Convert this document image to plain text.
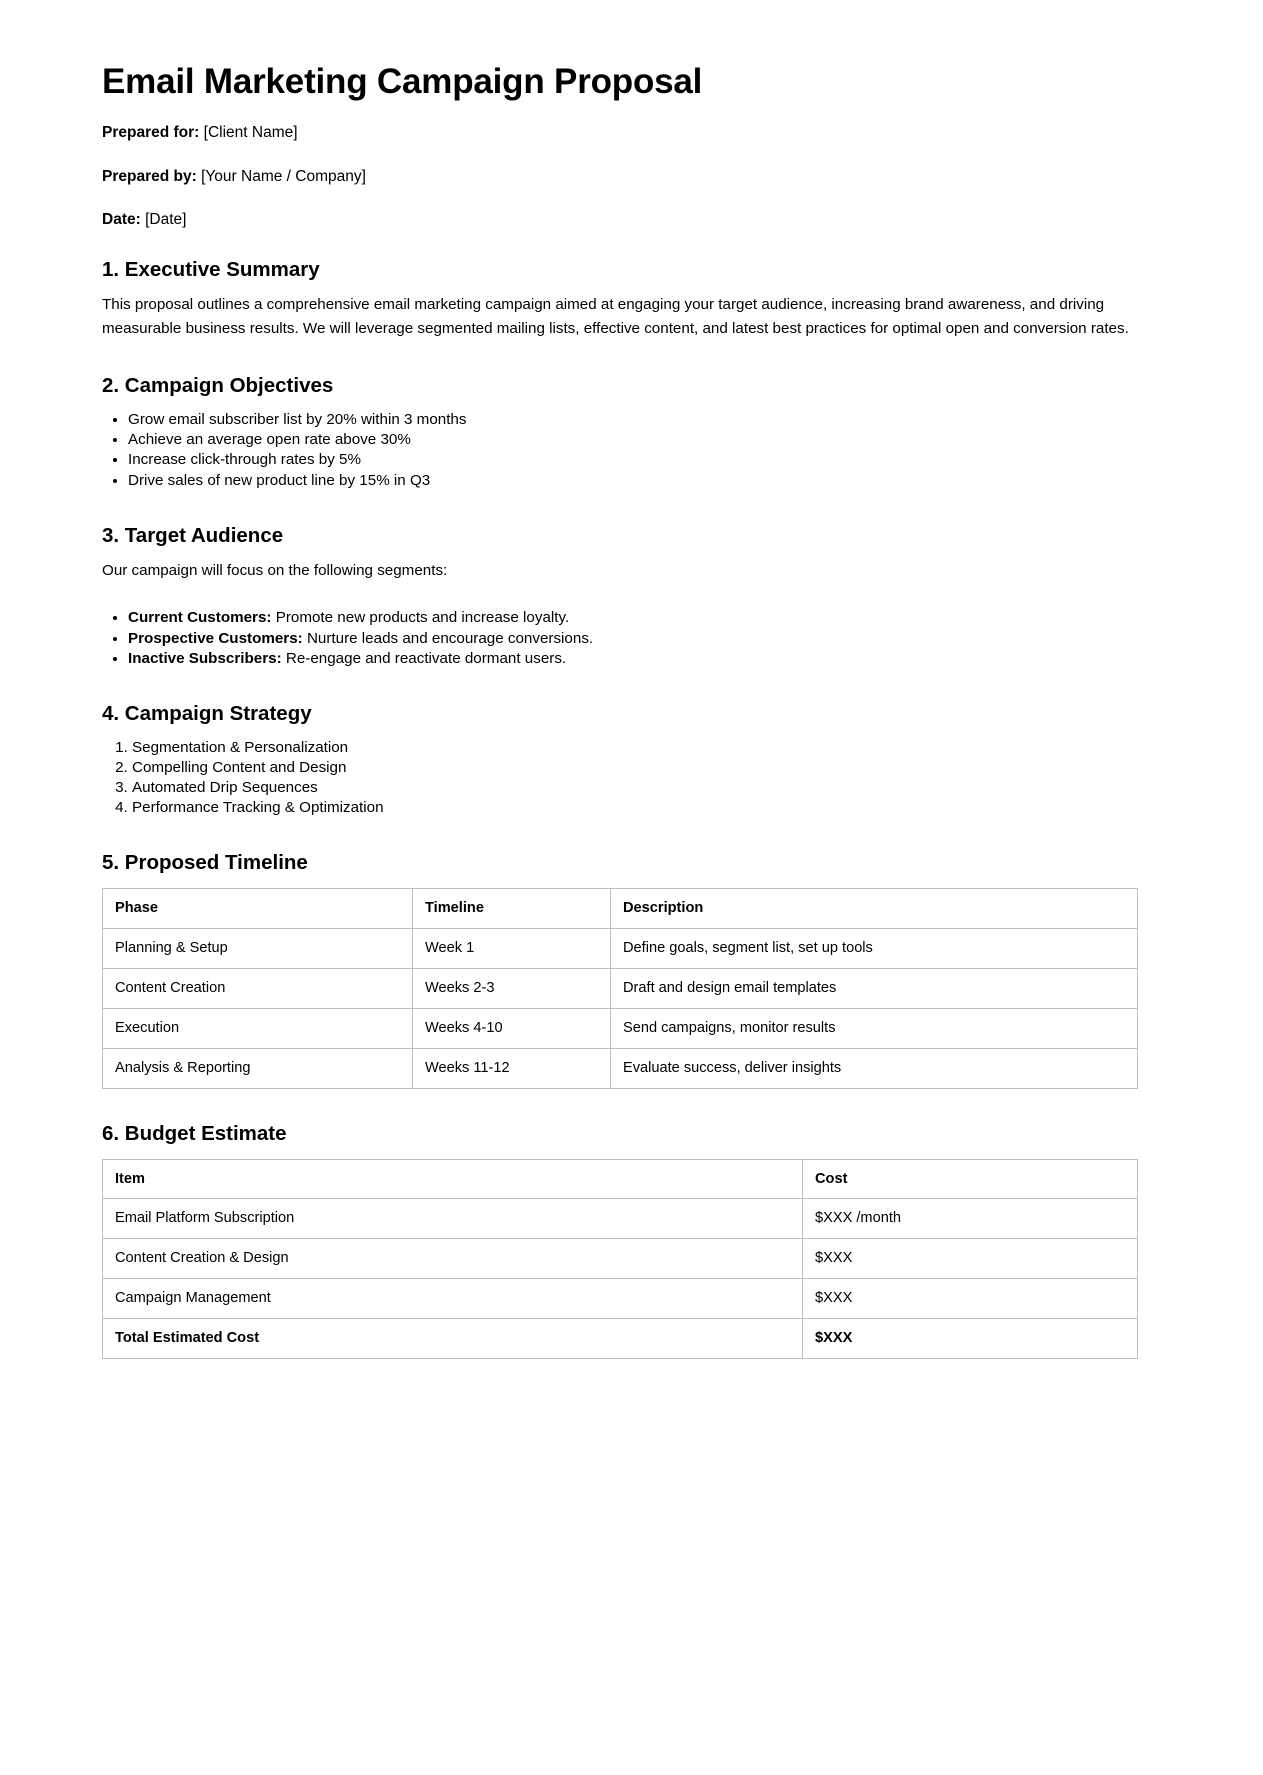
Email Marketing Campaign Proposal

Prepared for: [Client Name]

Prepared by: [Your Name / Company]

Date: [Date]

1. Executive Summary

This proposal outlines a comprehensive email marketing campaign aimed at engaging your target audience, increasing brand awareness, and driving measurable business results. We will leverage segmented mailing lists, effective content, and latest best practices for optimal open and conversion rates.

2. Campaign Objectives
• Grow email subscriber list by 20% within 3 months
• Achieve an average open rate above 30%
• Increase click-through rates by 5%
• Drive sales of new product line by 15% in Q3
3. Target Audience

Our campaign will focus on the following segments:

• Current Customers: Promote new products and increase loyalty.
• Prospective Customers: Nurture leads and encourage conversions.
• Inactive Subscribers: Re-engage and reactivate dormant users.
4. Campaign Strategy
1. Segmentation & Personalization
2. Compelling Content and Design
3. Automated Drip Sequences
4. Performance Tracking & Optimization
5. Proposed Timeline
Phase	Timeline	Description
Planning & Setup	Week 1	Define goals, segment list, set up tools
Content Creation	Weeks 2-3	Draft and design email templates
Execution	Weeks 4-10	Send campaigns, monitor results
Analysis & Reporting	Weeks 11-12	Evaluate success, deliver insights
6. Budget Estimate
Item	Cost
Email Platform Subscription	$XXX /month
Content Creation & Design	$XXX
Campaign Management	$XXX
Total Estimated Cost	$XXX
